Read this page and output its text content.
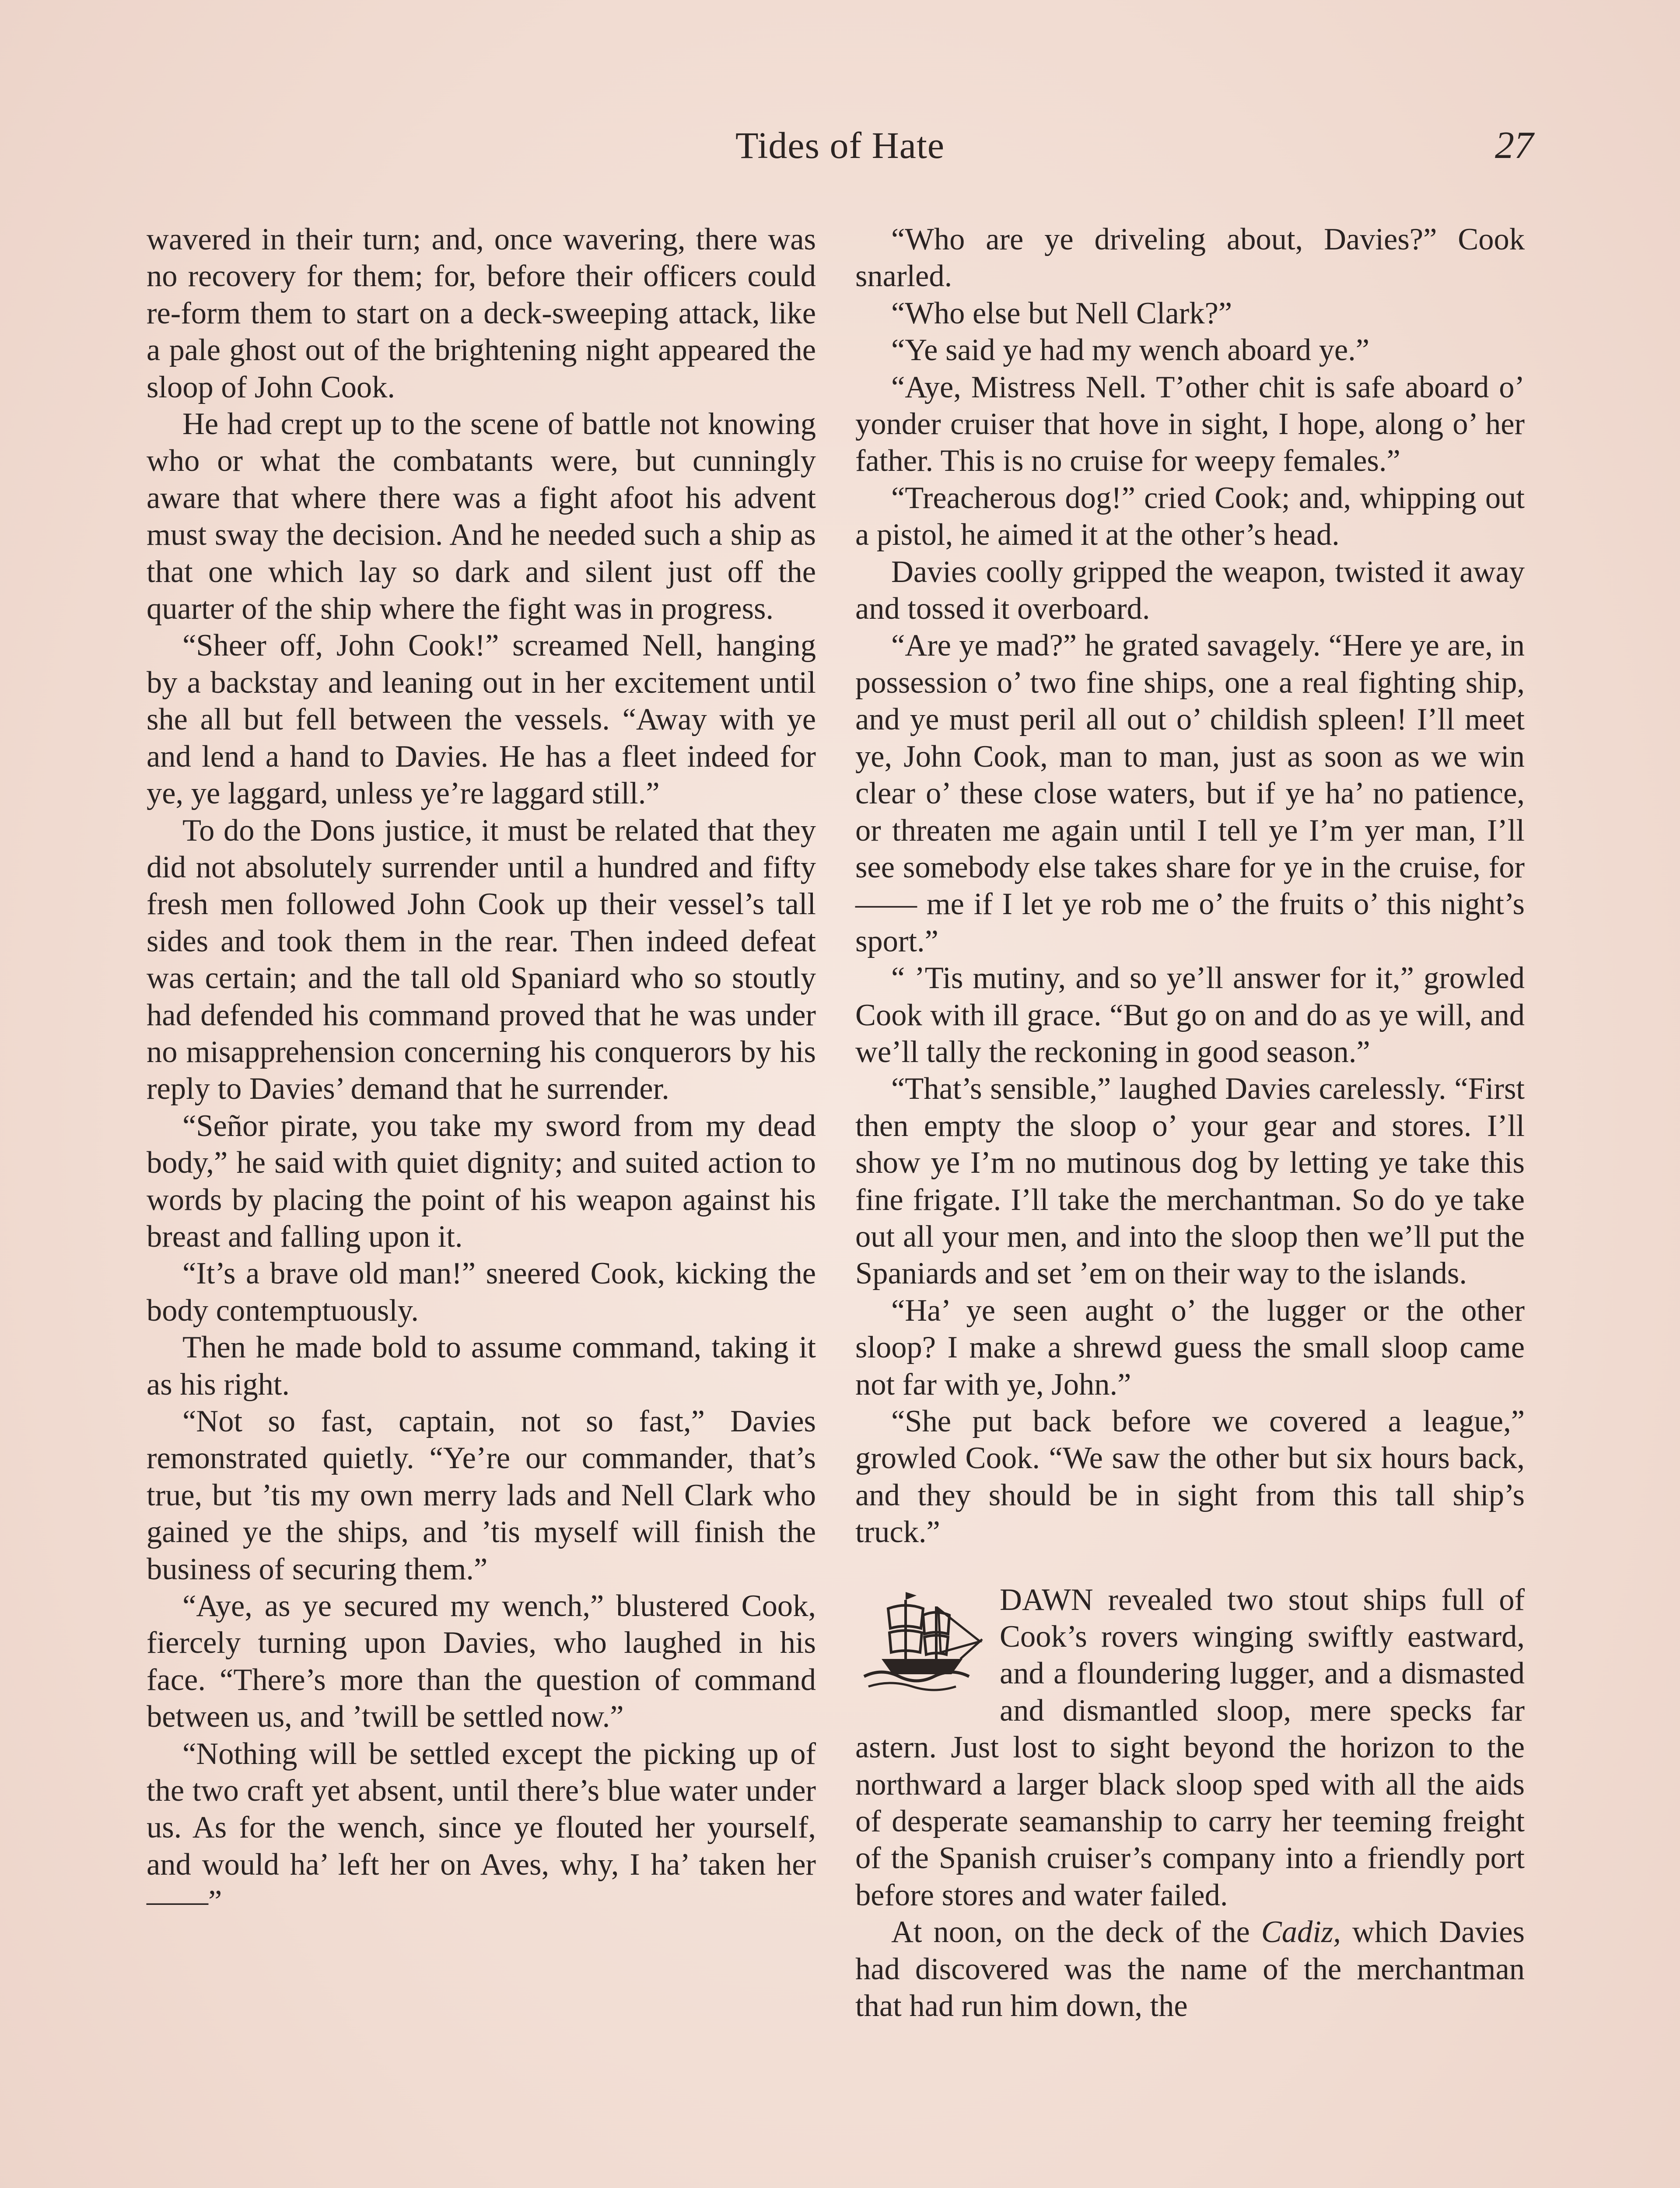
Tides of Hate	27

wavered in their turn; and, once wavering, there was no recovery for them; for, before their officers could re-form them to start on a deck-sweeping attack, like a pale ghost out of the brightening night appeared the sloop of John Cook.

He had crept up to the scene of battle not knowing who or what the combatants were, but cunningly aware that where there was a fight afoot his advent must sway the decision. And he needed such a ship as that one which lay so dark and silent just off the quarter of the ship where the fight was in progress.

“Sheer off, John Cook!” screamed Nell, hanging by a backstay and leaning out in her excitement until she all but fell between the vessels. “Away with ye and lend a hand to Davies. He has a fleet indeed for ye, ye laggard, unless ye’re laggard still.”

To do the Dons justice, it must be related that they did not absolutely surrender until a hundred and fifty fresh men followed John Cook up their vessel’s tall sides and took them in the rear. Then indeed defeat was certain; and the tall old Spaniard who so stoutly had defended his command proved that he was under no misapprehension concerning his conquerors by his reply to Davies’ demand that he surrender.

“Señor pirate, you take my sword from my dead body,” he said with quiet dignity; and suited action to words by placing the point of his weapon against his breast and falling upon it.

“It’s a brave old man!” sneered Cook, kicking the body contemptuously.

Then he made bold to assume command, taking it as his right.

“Not so fast, captain, not so fast,” Davies remonstrated quietly. “Ye’re our commander, that’s true, but ’tis my own merry lads and Nell Clark who gained ye the ships, and ’tis myself will finish the business of securing them.”

“Aye, as ye secured my wench,” blustered Cook, fiercely turning upon Davies, who laughed in his face. “There’s more than the question of command between us, and ’twill be settled now.”

“Nothing will be settled except the picking up of the two craft yet absent, until there’s blue water under us. As for the wench, since ye flouted her yourself, and would ha’ left her on Aves, why, I ha’ taken her——”

“Who are ye driveling about, Davies?” Cook snarled.

“Who else but Nell Clark?”

“Ye said ye had my wench aboard ye.”

“Aye, Mistress Nell. T’other chit is safe aboard o’ yonder cruiser that hove in sight, I hope, along o’ her father. This is no cruise for weepy females.”

“Treacherous dog!” cried Cook; and, whipping out a pistol, he aimed it at the other’s head.

Davies coolly gripped the weapon, twisted it away and tossed it overboard.

“Are ye mad?” he grated savagely. “Here ye are, in possession o’ two fine ships, one a real fighting ship, and ye must peril all out o’ childish spleen! I’ll meet ye, John Cook, man to man, just as soon as we win clear o’ these close waters, but if ye ha’ no patience, or threaten me again until I tell ye I’m yer man, I’ll see somebody else takes share for ye in the cruise, for —— me if I let ye rob me o’ the fruits o’ this night’s sport.”

“ ’Tis mutiny, and so ye’ll answer for it,” growled Cook with ill grace. “But go on and do as ye will, and we’ll tally the reckoning in good season.”

“That’s sensible,” laughed Davies carelessly. “First then empty the sloop o’ your gear and stores. I’ll show ye I’m no mutinous dog by letting ye take this fine frigate. I’ll take the merchantman. So do ye take out all your men, and into the sloop then we’ll put the Spaniards and set ’em on their way to the islands.

“Ha’ ye seen aught o’ the lugger or the other sloop? I make a shrewd guess the small sloop came not far with ye, John.”

“She put back before we covered a league,” growled Cook. “We saw the other but six hours back, and they should be in sight from this tall ship’s truck.”

DAWN revealed two stout ships full of Cook’s rovers winging swiftly eastward, and a floundering lugger, and a dismasted and dismantled sloop, mere specks far astern. Just lost to sight beyond the horizon to the northward a larger black sloop sped with all the aids of desperate seamanship to carry her teeming freight of the Spanish cruiser’s company into a friendly port before stores and water failed.

At noon, on the deck of the Cadiz, which Davies had discovered was the name of the merchantman that had run him down, the
